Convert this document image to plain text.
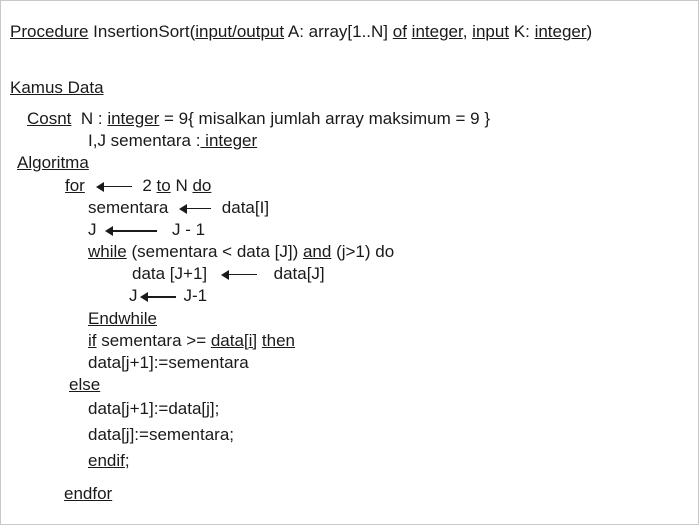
Procedure InsertionSort(input/output A: array[1..N] of integer, input K: integer)
Kamus Data
Cosnt  N : integer = 9{ misalkan jumlah array maksimum = 9 }
I,J sementara : integer
Algoritma
for	2 to N do
sementara	data[I]
J	J - 1
while (sementara < data [J]) and (j>1) do
data [J+1]	data[J]
J	J-1
Endwhile
if sementara >= data[i] then
data[j+1]:=sementara
else
data[j+1]:=data[j];
data[j]:=sementara;
endif;
endfor
